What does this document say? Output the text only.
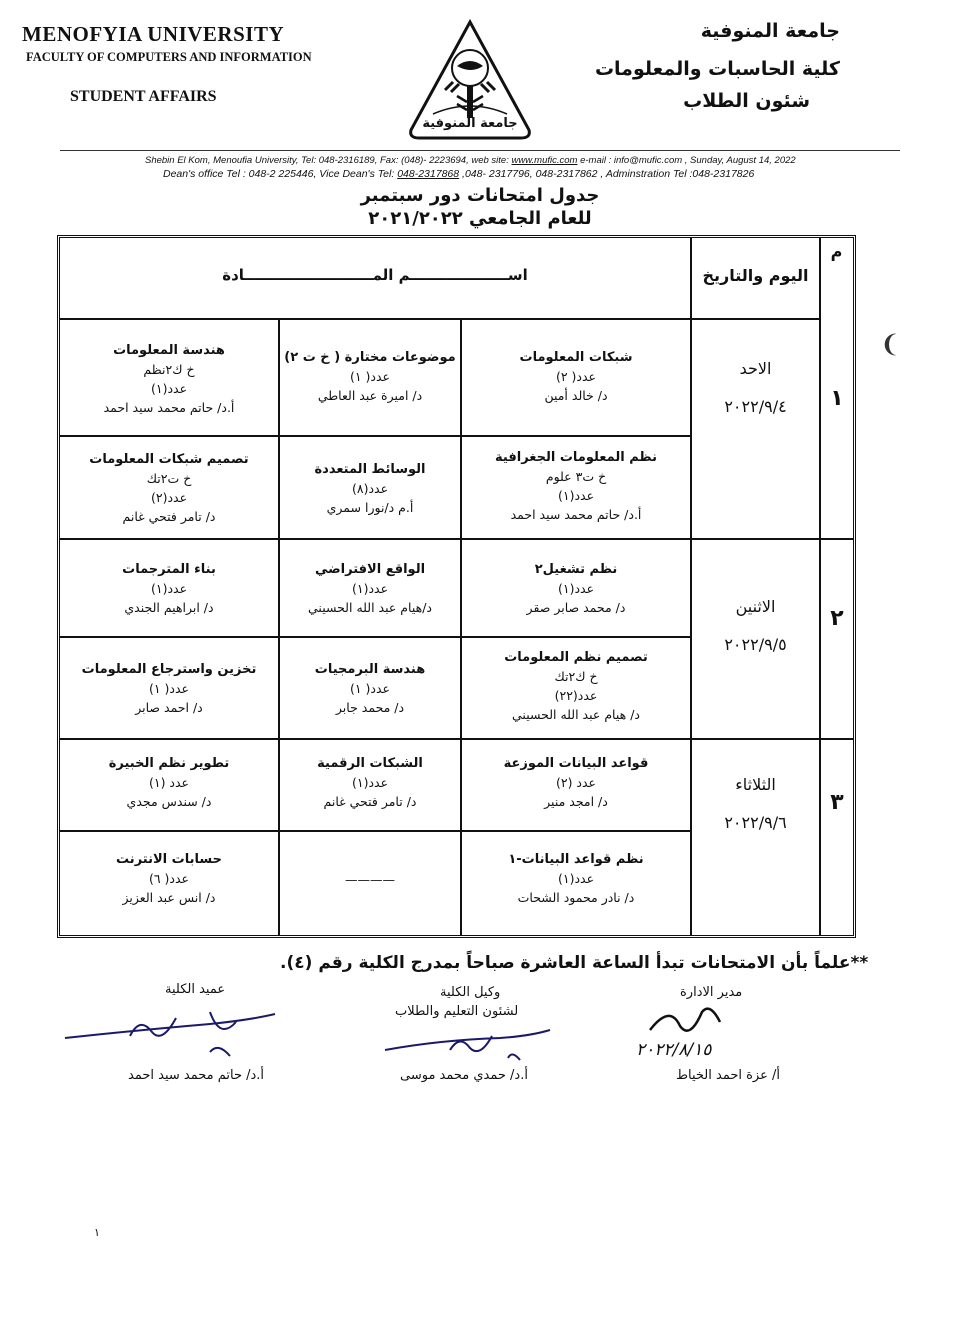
MENOFYIA UNIVERSITY
FACULTY OF COMPUTERS AND INFORMATION
STUDENT AFFAIRS
جامعة المنوفية
كلية الحاسبات والمعلومات
شئون الطلاب
جامعة المنوفية
Shebin El Kom, Menoufia University, Tel: 048-2316189, Fax: (048)- 2223694, web site: www.mufic.com e-mail : info@mufic.com , Sunday, August 14, 2022
Dean's office Tel : 048-2 225446, Vice Dean's Tel: 048-2317868 ,048- 2317796, 048-2317862 , Adminstration Tel :048-2317826
جدول امتحانات دور سبتمبر
للعام الجامعي ٢٠٢١/٢٠٢٢
م
اليوم والتاريخ
اســـــــــــــــــــم المـــــــــــــــــــــــــادة
١
الاحد
٢٠٢٢/٩/٤
٢
الاثنين
٢٠٢٢/٩/٥
٣
الثلاثاء
٢٠٢٢/٩/٦
شبكات المعلومات
عدد( ٢)
د/ خالد أمين
موضوعات مختارة ( خ ت ٢)
عدد( ١)
د/ اميرة عبد العاطي
هندسة المعلومات
خ ك٢نظم
عدد(١)
أ.د/ حاتم محمد سيد احمد
نظم المعلومات الجغرافية
خ ت٣ علوم
عدد(١)
أ.د/ حاتم محمد سيد احمد
الوسائط المتعددة
عدد(٨)
أ.م د/نورا سمري
تصميم شبكات المعلومات
خ ت٢تك
عدد(٢)
د/ تامر فتحي غانم
نظم تشغيل٢
عدد(١)
د/ محمد صابر صقر
الواقع الافتراضي
عدد(١)
د/هيام عبد الله الحسيني
بناء المترجمات
عدد(١)
د/ ابراهيم الجندي
تصميم نظم المعلومات
خ ك٢تك
عدد(٢٢)
د/ هيام عبد الله الحسيني
هندسة البرمجيات
عدد( ١)
د/ محمد جابر
تخزين واسترجاع المعلومات
عدد( ١)
د/ احمد صابر
قواعد البيانات الموزعة
عدد (٢)
د/ امجد منير
الشبكات الرقمية
عدد(١)
د/ تامر فتحي غانم
تطوير نظم الخبيرة
عدد (١)
د/ سندس مجدي
نظم قواعد البيانات-١
عدد(١)
د/ نادر محمود الشحات
————
حسابات الانترنت
عدد( ٦)
د/ انس عبد العزيز
❨
**علماً بأن الامتحانات تبدأ الساعة العاشرة صباحاً بمدرج الكلية رقم (٤).
مدير الادارة
٢٠٢٢/٨/١٥
أ/ عزة احمد الخياط
وكيل الكلية
لشئون التعليم والطلاب
أ.د/ حمدي محمد موسى
عميد الكلية
أ.د/ حاتم محمد سيد احمد
١
